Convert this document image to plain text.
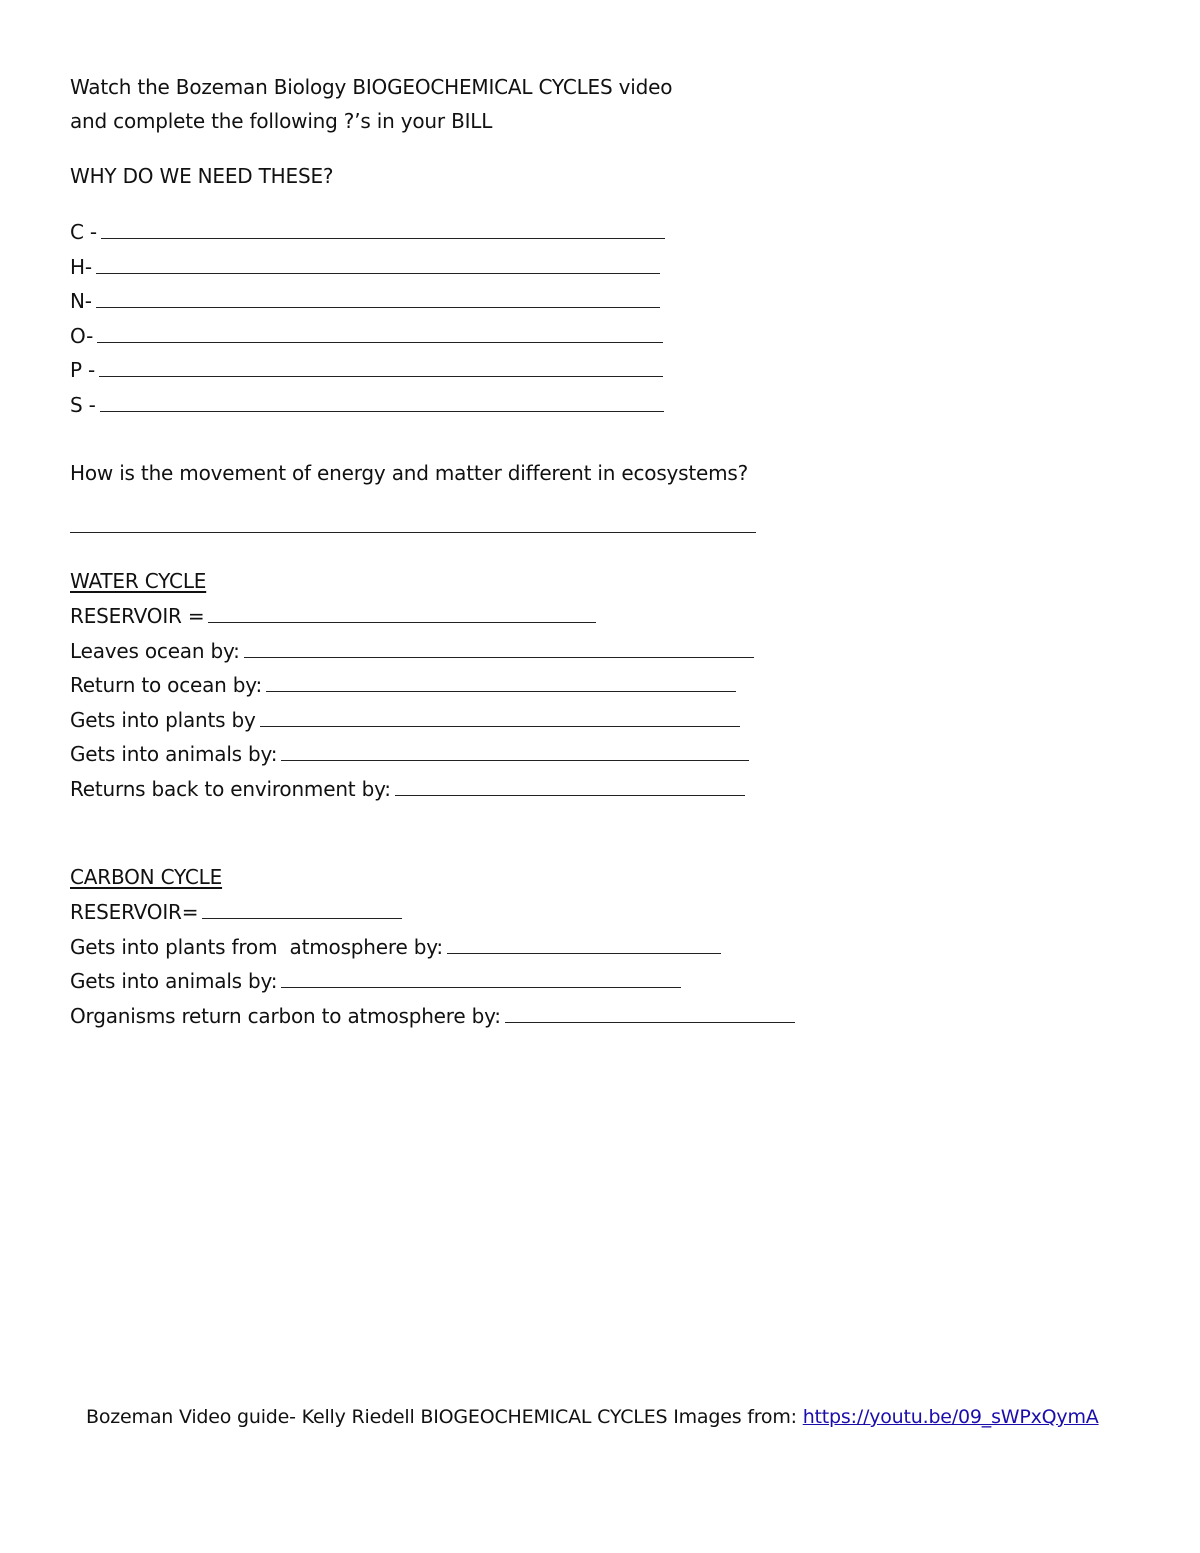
Watch the Bozeman Biology BIOGEOCHEMICAL CYCLES video
and complete the following ?’s in your BILL
WHY DO WE NEED THESE?
C -
H-
N-
O-
P -
S -
How is the movement of energy and matter different in ecosystems?
WATER CYCLE
RESERVOIR =
Leaves ocean by:
Return to ocean by:
Gets into plants by
Gets into animals by:
Returns back to environment by:
CARBON CYCLE
RESERVOIR=
Gets into plants from  atmosphere by:
Gets into animals by:
Organisms return carbon to atmosphere by:
Bozeman Video guide- Kelly Riedell BIOGEOCHEMICAL CYCLES Images from: https://youtu.be/09_sWPxQymA
